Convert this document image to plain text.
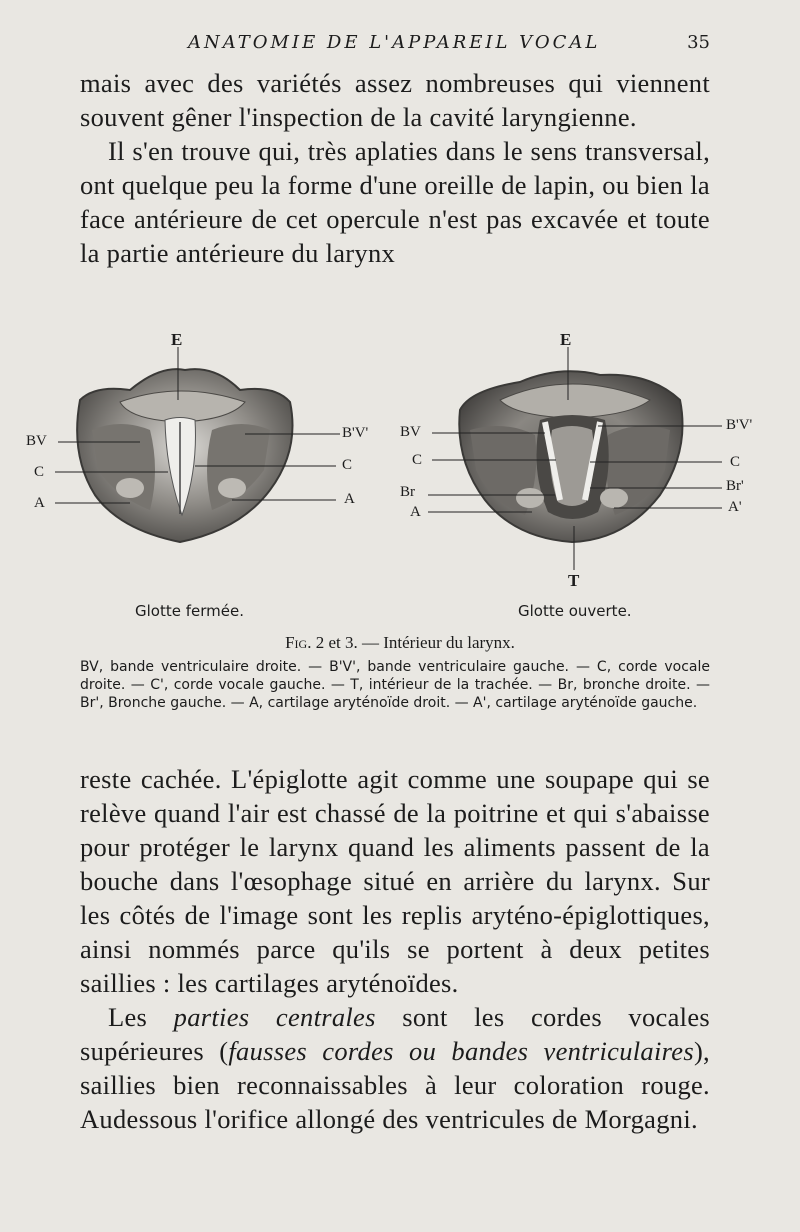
ANATOMIE DE L'APPAREIL VOCAL	35

mais avec des variétés assez nombreuses qui viennent souvent gêner l'inspection de la cavité laryngienne.

Il s'en trouve qui, très aplaties dans le sens transversal, ont quelque peu la forme d'une oreille de lapin, ou bien la face antérieure de cet opercule n'est pas excavée et toute la partie antérieure du larynx

E
BV
C
A
B'V'
C
A
E
BV
C
Br
A
B'V'
C
Br'
A'
T
Glotte fermée.	Glotte ouverte.
Fig. 2 et 3. — Intérieur du larynx.
BV, bande ventriculaire droite. — B'V', bande ventriculaire gauche. — C, corde vocale droite. — C', corde vocale gauche. — T, intérieur de la trachée. — Br, bronche droite. — Br', Bronche gauche. — A, cartilage aryténoïde droit. — A', cartilage aryténoïde gauche.

reste cachée. L'épiglotte agit comme une soupape qui se relève quand l'air est chassé de la poitrine et qui s'abaisse pour protéger le larynx quand les aliments passent de la bouche dans l'œsophage situé en arrière du larynx. Sur les côtés de l'image sont les replis aryténo-épiglottiques, ainsi nommés parce qu'ils se portent à deux petites saillies : les cartilages aryténoïdes.

Les parties centrales sont les cordes vocales supérieures (fausses cordes ou bandes ventriculaires), saillies bien reconnaissables à leur coloration rouge. Audessous l'orifice allongé des ventricules de Morgagni.
